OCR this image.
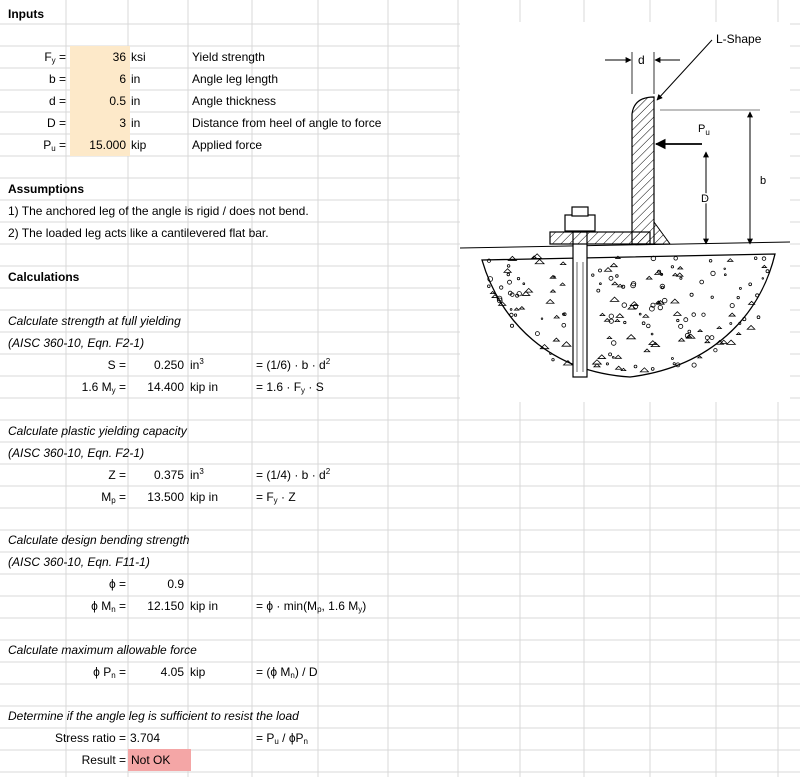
Inputs
$F_y$ =	36 ksi	Yield strength
b =	6 in	Angle leg length
d =	0.5 in	Angle thickness
D =	3 in	Distance from heel of angle to force
$P_u$ =	15.000 kip	Applied force
Assumptions
1) The anchored leg of the angle is rigid / does not bend.
2) The loaded leg acts like a cantilevered flat bar.
Calculations
Calculate strength at full yielding
(AISC 360-10, Eqn. F2-1)
S =	0.250 $in^3$	= $(1/6) \cdot b \cdot d^2$
1.6 $M_y$ =	14.400 kip in	= $1.6 \cdot F_y \cdot S$
Calculate plastic yielding capacity
(AISC 360-10, Eqn. F2-1)
Z =	0.375 $in^3$	= $(1/4) \cdot b \cdot d^2$
$M_p$ =	13.500 kip in	= $F_y \cdot Z$
Calculate design bending strength
(AISC 360-10, Eqn. F11-1)
ϕ =	0.9
ϕ $M_n$ =	12.150 kip in	= $\phi \cdot \min(M_p$, 1.6 $M_y$)
Calculate maximum allowable force
ϕ $P_n$ =	4.05 kip	= (ϕ $M_n$) / D
Determine if the angle leg is sufficient to resist the load
Stress ratio = 3.704	= $P_u / \phi P_n$
Result = Not OK
d
L-Shape
$P_u$
D
b
